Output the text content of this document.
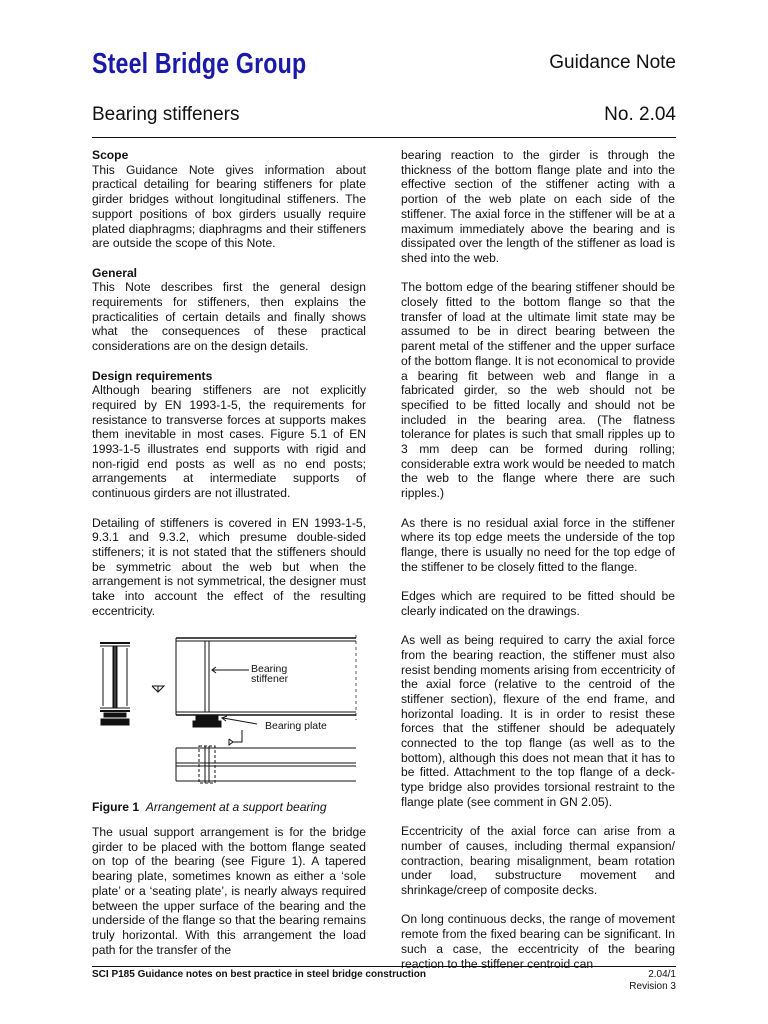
Steel Bridge Group	Guidance Note
Bearing stiffeners	No. 2.04
Scope

This Guidance Note gives information about practical detailing for bearing stiffeners for plate girder bridges without longitudinal stiffeners. The support positions of box girders usually require plated diaphragms; diaphragms and their stiffeners are outside the scope of this Note.

General

This Note describes first the general design requirements for stiffeners, then explains the practicalities of certain details and finally shows what the consequences of these practical considerations are on the design details.

Design requirements

Although bearing stiffeners are not explicitly required by EN 1993-1-5, the requirements for resistance to transverse forces at supports makes them inevitable in most cases. Figure 5.1 of EN 1993-1-5 illustrates end supports with rigid and non-rigid end posts as well as no end posts; arrangements at intermediate supports of continuous girders are not illustrated.

Detailing of stiffeners is covered in EN 1993-1-5, 9.3.1 and 9.3.2, which presume double-sided stiffeners; it is not stated that the stiffeners should be symmetric about the web but when the arrangement is not symmetrical, the designer must take into account the effect of the resulting eccentricity.

Bearing
stiffener
Bearing plate
Figure 1 Arrangement at a support bearing

The usual support arrangement is for the bridge girder to be placed with the bottom flange seated on top of the bearing (see Figure 1). A tapered bearing plate, sometimes known as either a ‘sole plate’ or a ‘seating plate’, is nearly always required between the upper surface of the bearing and the underside of the flange so that the bearing remains truly horizontal. With this arrangement the load path for the transfer of the

bearing reaction to the girder is through the thickness of the bottom flange plate and into the effective section of the stiffener acting with a portion of the web plate on each side of the stiffener. The axial force in the stiffener will be at a maximum immediately above the bearing and is dissipated over the length of the stiffener as load is shed into the web.

The bottom edge of the bearing stiffener should be closely fitted to the bottom flange so that the transfer of load at the ultimate limit state may be assumed to be in direct bearing between the parent metal of the stiffener and the upper surface of the bottom flange. It is not economical to provide a bearing fit between web and flange in a fabricated girder, so the web should not be specified to be fitted locally and should not be included in the bearing area. (The flatness tolerance for plates is such that small ripples up to 3 mm deep can be formed during rolling; considerable extra work would be needed to match the web to the flange where there are such ripples.)

As there is no residual axial force in the stiffener where its top edge meets the underside of the top flange, there is usually no need for the top edge of the stiffener to be closely fitted to the flange.

Edges which are required to be fitted should be clearly indicated on the drawings.

As well as being required to carry the axial force from the bearing reaction, the stiffener must also resist bending moments arising from eccentricity of the axial force (relative to the centroid of the stiffener section), flexure of the end frame, and horizontal loading. It is in order to resist these forces that the stiffener should be adequately connected to the top flange (as well as to the bottom), although this does not mean that it has to be fitted. Attachment to the top flange of a deck-type bridge also provides torsional restraint to the flange plate (see comment in GN 2.05).

Eccentricity of the axial force can arise from a number of causes, including thermal expansion/ contraction, bearing misalignment, beam rotation under load, substructure movement and shrinkage/creep of composite decks.

On long continuous decks, the range of movement remote from the fixed bearing can be significant. In such a case, the eccentricity of the bearing reaction to the stiffener centroid can

SCI P185 Guidance notes on best practice in steel bridge construction	2.04/1
Revision 3
